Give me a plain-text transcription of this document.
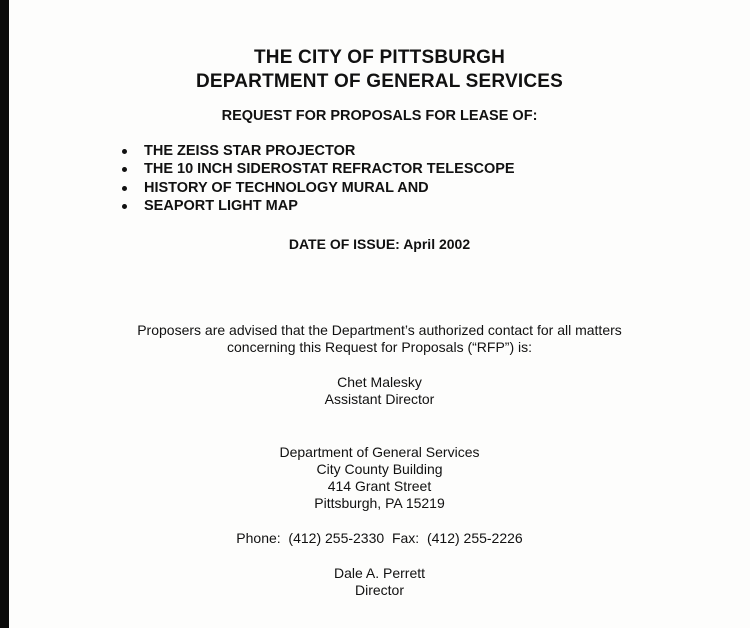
THE CITY OF PITTSBURGH
DEPARTMENT OF GENERAL SERVICES
REQUEST FOR PROPOSALS FOR LEASE OF:
THE ZEISS STAR PROJECTOR
THE 10 INCH SIDEROSTAT REFRACTOR TELESCOPE
HISTORY OF TECHNOLOGY MURAL AND
SEAPORT LIGHT MAP
DATE OF ISSUE: April 2002
Proposers are advised that the Department’s authorized contact for all matters
concerning this Request for Proposals (“RFP”) is:
Chet Malesky
Assistant Director
Department of General Services
City County Building
414 Grant Street
Pittsburgh, PA 15219
Phone:  (412) 255-2330  Fax:  (412) 255-2226
Dale A. Perrett
Director
